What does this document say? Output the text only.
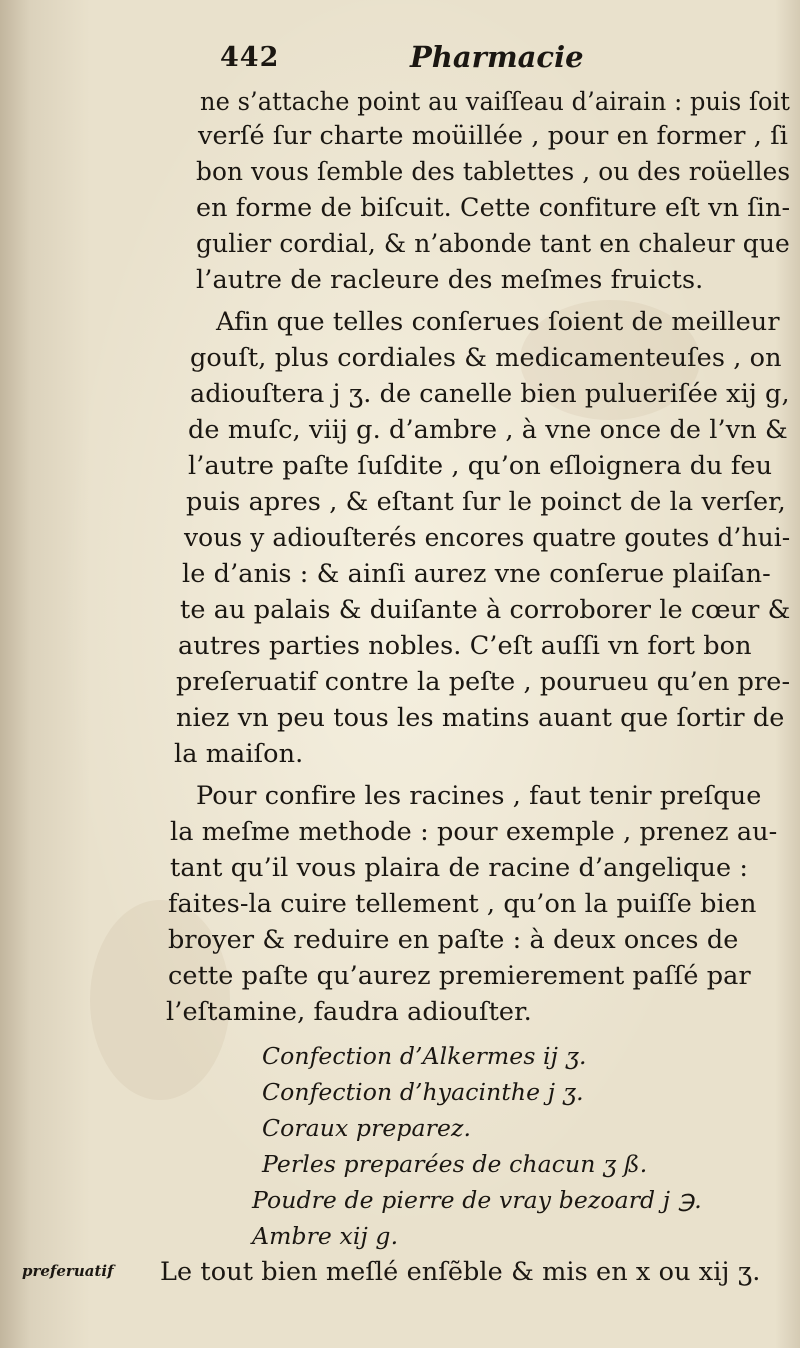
442	Pharmacie
ne s’attache point au vaiſſeau d’airain : puis ſoit
verſé ſur charte moüillée , pour en former , ſi
bon vous ſemble des tablettes , ou des roüelles
en forme de biſcuit. Cette confiture eſt vn ſin-
gulier cordial, & n’abonde tant en chaleur que
l’autre de racleure des meſmes fruicts.
Afin que telles conſerues ſoient de meilleur
gouſt, plus cordiales & medicamenteuſes , on
adiouſtera j ʒ. de canelle bien pulueriſée xij g,
de muſc, viij g. d’ambre , à vne once de l’vn &
l’autre paſte ſuſdite , qu’on eſloignera du feu
puis apres , & eſtant ſur le poinct de la verſer,
vous y adiouſterés encores quatre goutes d’hui-
le d’anis : & ainſi aurez vne conſerue plaiſan-
te au palais & duiſante à corroborer le cœur &
autres parties nobles. C’eſt auſſi vn fort bon
preſeruatif contre la peſte , pourueu qu’en pre-
niez vn peu tous les matins auant que ſortir de
la maiſon.
Pour confire les racines , faut tenir preſque
la meſme methode : pour exemple , prenez au-
tant qu’il vous plaira de racine d’angelique :
faites-la cuire tellement , qu’on la puiſſe bien
broyer & reduire en paſte : à deux onces de
cette paſte qu’aurez premierement paſſé par
l’eſtamine, faudra adiouſter.
Confection d’Alkermes ij ʒ.
Confection d’hyacinthe j ʒ.
Coraux preparez.
Perles preparées de chacun ʒ ß.
Poudre de pierre de vray bezoard j ℈.
Ambre xij g.
Le tout bien meſlé enſẽble & mis en x ou xij ʒ.
preferuatif
